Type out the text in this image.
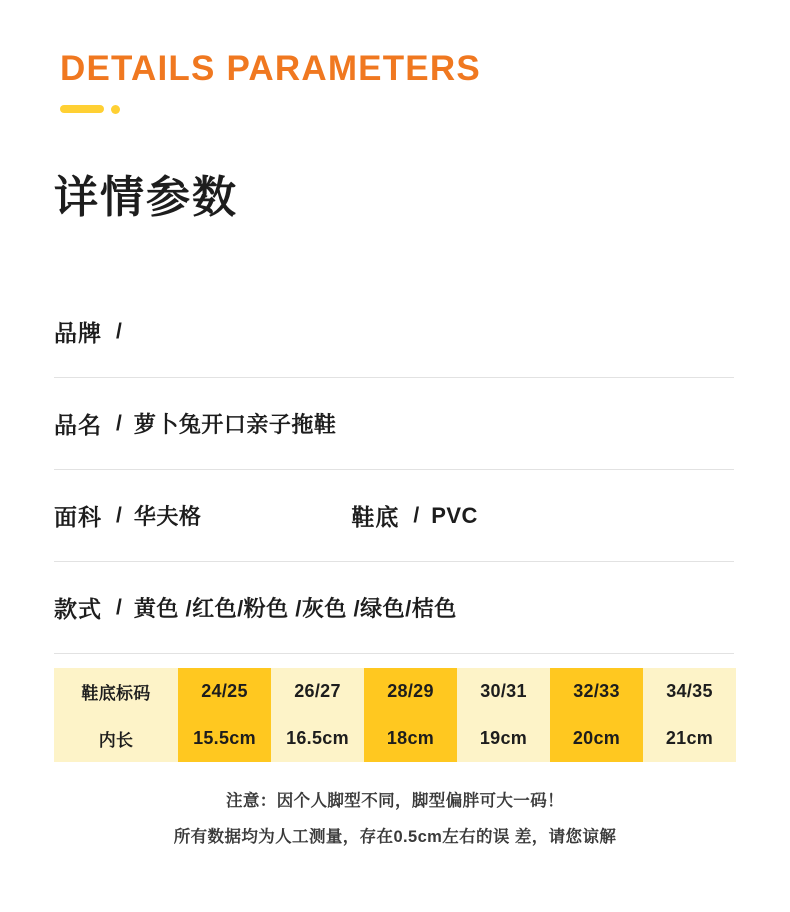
DETAILS PARAMETERS
详情参数
品牌 /
品名 / 萝卜兔开口亲子拖鞋
面科 / 华夫格	鞋底 / PVC
款式 / 黄色 /红色/粉色 /灰色 /绿色/桔色
鞋底标码
内长
24/25
15.5cm
26/27
16.5cm
28/29
18cm
30/31
19cm
32/33
20cm
34/35
21cm
注意：因个人脚型不同，脚型偏胖可大一码！
所有数据均为人工测量，存在0.5cm左右的误 差，请您谅解
